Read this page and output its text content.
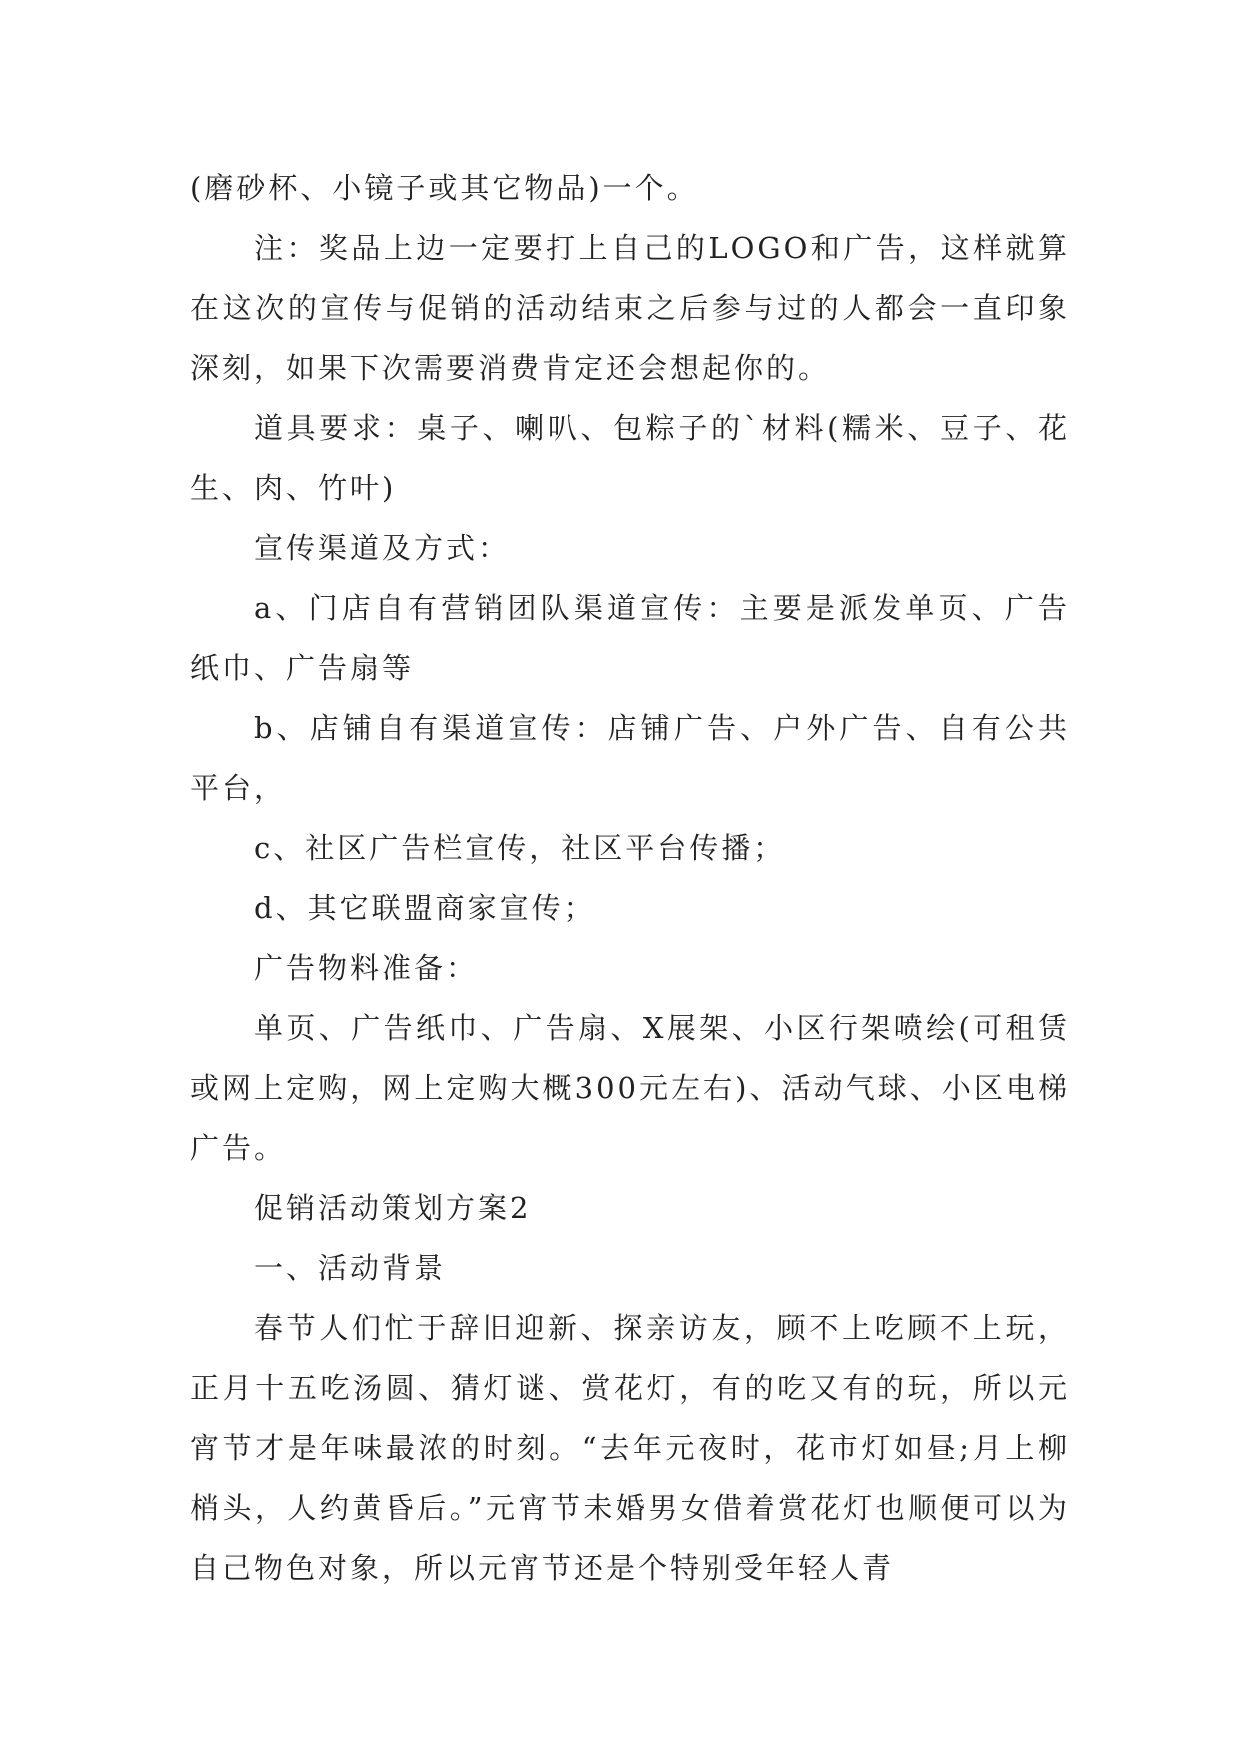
(磨砂杯、小镜子或其它物品)一个。

注：奖品上边一定要打上自己的LOGO和广告，这样就算在这次的宣传与促销的活动结束之后参与过的人都会一直印象深刻，如果下次需要消费肯定还会想起你的。

道具要求：桌子、喇叭、包粽子的`材料(糯米、豆子、花生、肉、竹叶)

宣传渠道及方式：

a、门店自有营销团队渠道宣传：主要是派发单页、广告纸巾、广告扇等

b、店铺自有渠道宣传：店铺广告、户外广告、自有公共平台，

c、社区广告栏宣传，社区平台传播；

d、其它联盟商家宣传；

广告物料准备：

单页、广告纸巾、广告扇、X展架、小区行架喷绘(可租赁或网上定购，网上定购大概300元左右)、活动气球、小区电梯广告。

促销活动策划方案2

一、活动背景

春节人们忙于辞旧迎新、探亲访友，顾不上吃顾不上玩，正月十五吃汤圆、猜灯谜、赏花灯，有的吃又有的玩，所以元宵节才是年味最浓的时刻。“去年元夜时，花市灯如昼;月上柳梢头，人约黄昏后。”元宵节未婚男女借着赏花灯也顺便可以为自己物色对象，所以元宵节还是个特别受年轻人青
